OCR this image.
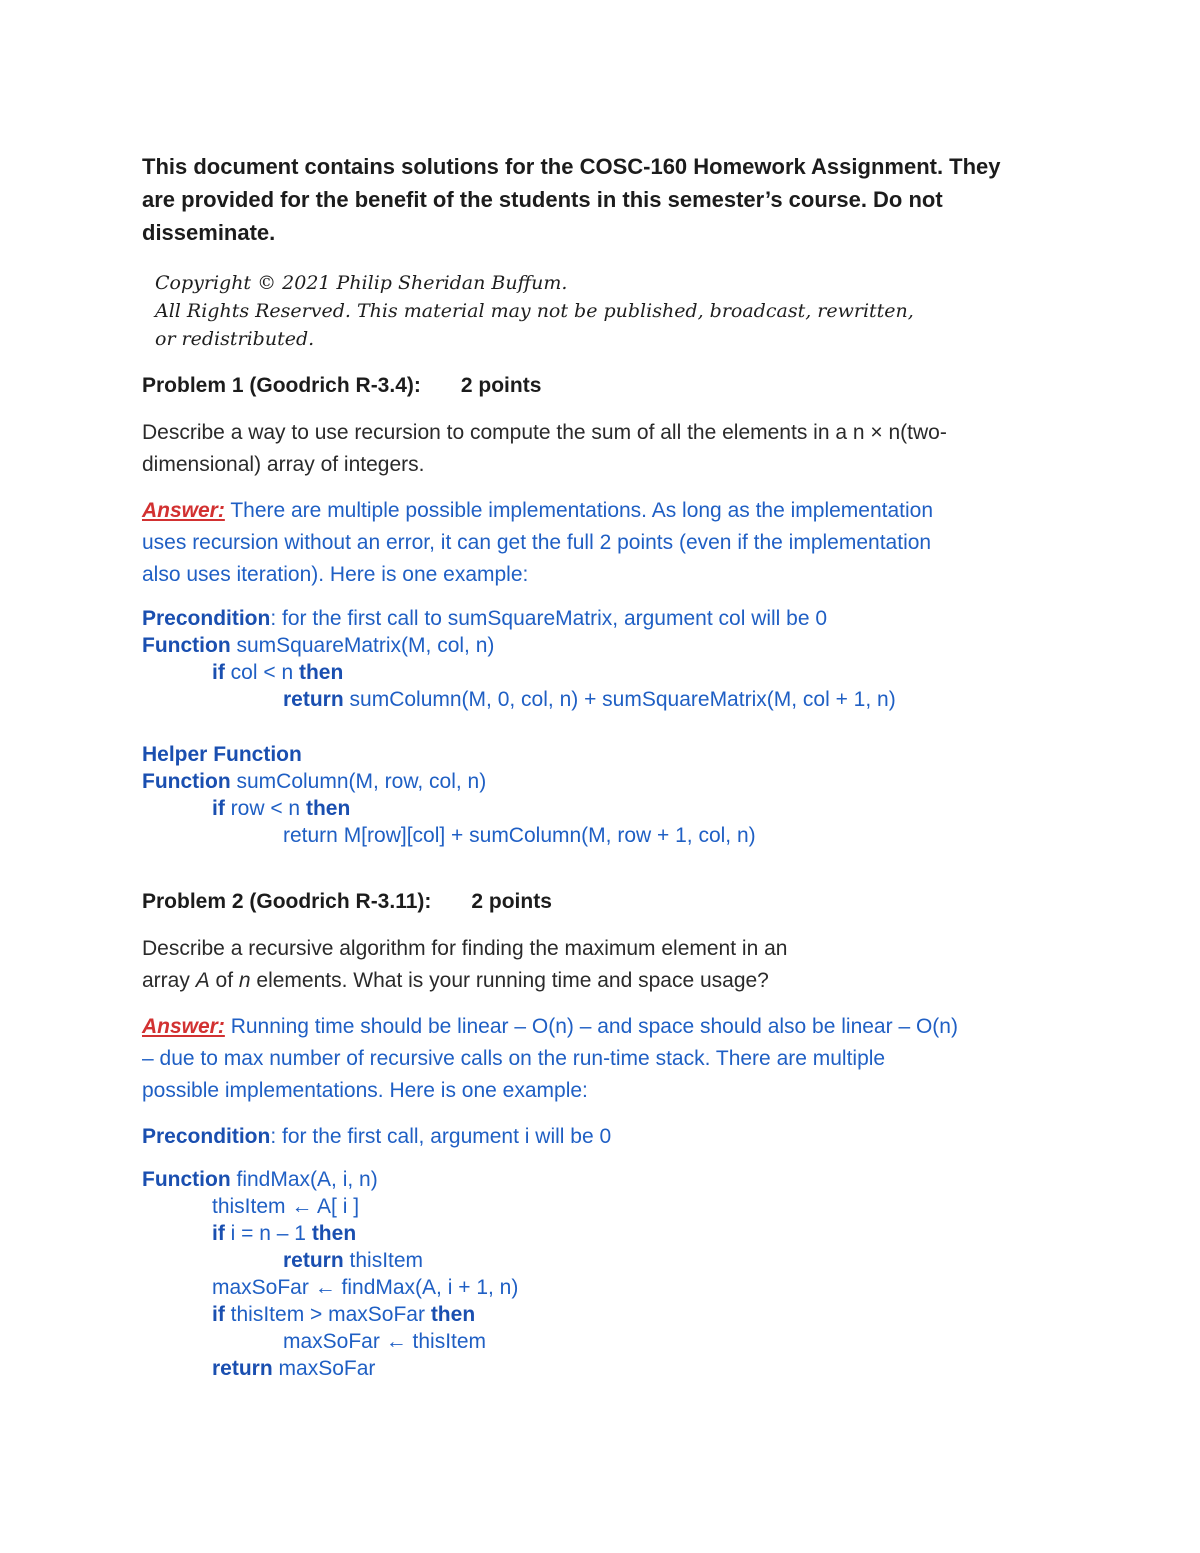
This document contains solutions for the COSC-160 Homework Assignment. They
are provided for the benefit of the students in this semester’s course. Do not
disseminate.
Copyright © 2021 Philip Sheridan Buffum.
All Rights Reserved. This material may not be published, broadcast, rewritten,
or redistributed.
Problem 1 (Goodrich R-3.4): 2 points
Describe a way to use recursion to compute the sum of all the elements in a n × n(two-
dimensional) array of integers.
Answer: There are multiple possible implementations. As long as the implementation
uses recursion without an error, it can get the full 2 points (even if the implementation
also uses iteration). Here is one example:
Precondition: for the first call to sumSquareMatrix, argument col will be 0
Function sumSquareMatrix(M, col, n)
if col < n then
return sumColumn(M, 0, col, n) + sumSquareMatrix(M, col + 1, n)
Helper Function
Function sumColumn(M, row, col, n)
if row < n then
return M[row][col] + sumColumn(M, row + 1, col, n)
Problem 2 (Goodrich R-3.11): 2 points
Describe a recursive algorithm for finding the maximum element in an
array A of n elements. What is your running time and space usage?
Answer: Running time should be linear – O(n) – and space should also be linear – O(n)
– due to max number of recursive calls on the run-time stack. There are multiple
possible implementations. Here is one example:
Precondition: for the first call, argument i will be 0
Function findMax(A, i, n)
thisItem ← A[ i ]
if i = n – 1 then
return thisItem
maxSoFar ← findMax(A, i + 1, n)
if thisItem > maxSoFar then
maxSoFar ← thisItem
return maxSoFar
